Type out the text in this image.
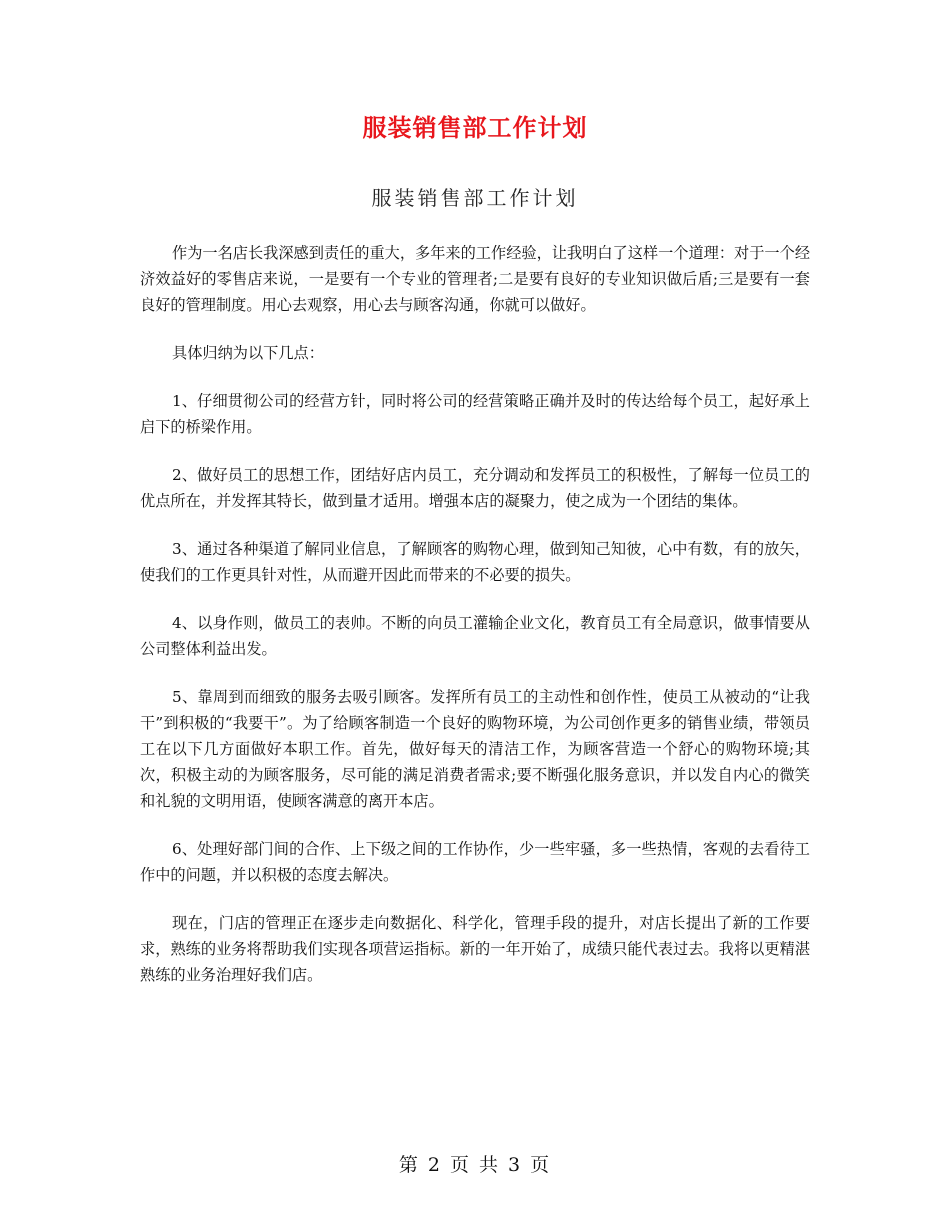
服装销售部工作计划
服装销售部工作计划

作为一名店长我深感到责任的重大，多年来的工作经验，让我明白了这样一个道理：对于一个经济效益好的零售店来说，一是要有一个专业的管理者;二是要有良好的专业知识做后盾;三是要有一套良好的管理制度。用心去观察，用心去与顾客沟通，你就可以做好。

具体归纳为以下几点：

1、仔细贯彻公司的经营方针，同时将公司的经营策略正确并及时的传达给每个员工，起好承上启下的桥梁作用。

2、做好员工的思想工作，团结好店内员工，充分调动和发挥员工的积极性，了解每一位员工的优点所在，并发挥其特长，做到量才适用。增强本店的凝聚力，使之成为一个团结的集体。

3、通过各种渠道了解同业信息，了解顾客的购物心理，做到知己知彼，心中有数，有的放矢，使我们的工作更具针对性，从而避开因此而带来的不必要的损失。

4、以身作则，做员工的表帅。不断的向员工灌输企业文化，教育员工有全局意识，做事情要从公司整体利益出发。

5、靠周到而细致的服务去吸引顾客。发挥所有员工的主动性和创作性，使员工从被动的“让我干”到积极的“我要干”。为了给顾客制造一个良好的购物环境，为公司创作更多的销售业绩，带领员工在以下几方面做好本职工作。首先，做好每天的清洁工作，为顾客营造一个舒心的购物环境;其次，积极主动的为顾客服务，尽可能的满足消费者需求;要不断强化服务意识，并以发自内心的微笑和礼貌的文明用语，使顾客满意的离开本店。

6、处理好部门间的合作、上下级之间的工作协作，少一些牢骚，多一些热情，客观的去看待工作中的问题，并以积极的态度去解决。

现在，门店的管理正在逐步走向数据化、科学化，管理手段的提升，对店长提出了新的工作要求，熟练的业务将帮助我们实现各项营运指标。新的一年开始了，成绩只能代表过去。我将以更精湛熟练的业务治理好我们店。

第 2 页 共 3 页
